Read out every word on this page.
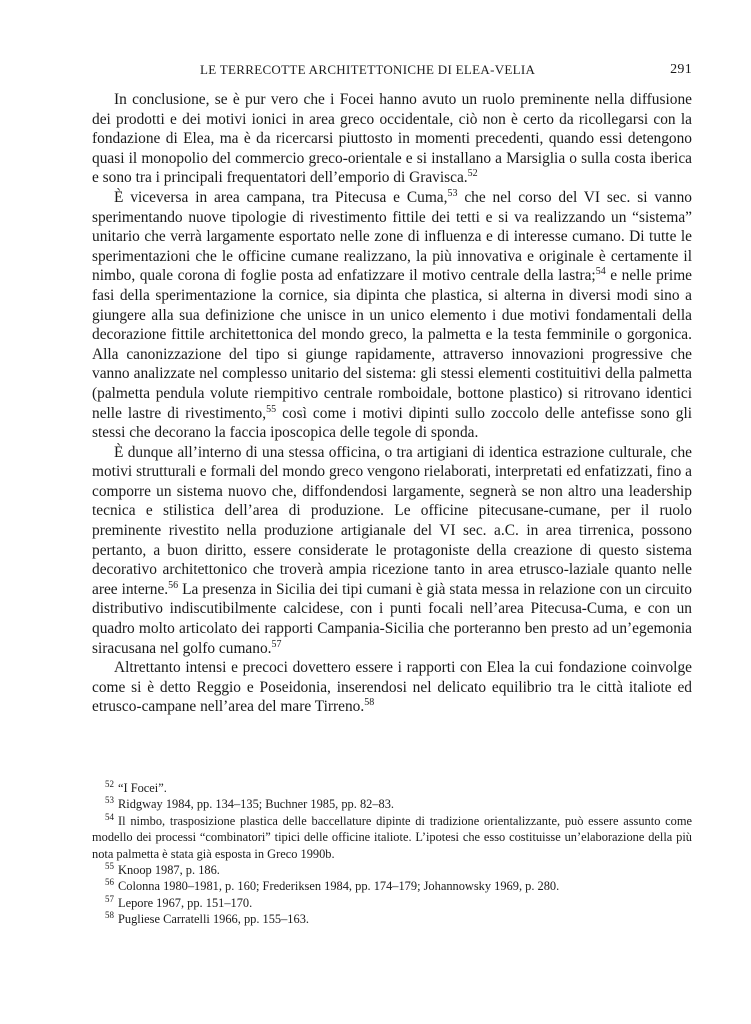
LE TERRECOTTE ARCHITETTONICHE DI ELEA-VELIA	291

In conclusione, se è pur vero che i Focei hanno avuto un ruolo preminente nella diffusione dei prodotti e dei motivi ionici in area greco occidentale, ciò non è certo da ricollegarsi con la fondazione di Elea, ma è da ricercarsi piuttosto in momenti precedenti, quando essi detengono quasi il monopolio del commercio greco-orientale e si installano a Marsiglia o sulla costa iberica e sono tra i principali frequentatori dell’emporio di Gravisca.$^{52}$

È viceversa in area campana, tra Pitecusa e Cuma,$^{53}$ che nel corso del VI sec. si vanno sperimentando nuove tipologie di rivestimento fittile dei tetti e si va realizzando un “sistema” unitario che verrà largamente esportato nelle zone di influenza e di interesse cumano. Di tutte le sperimentazioni che le officine cumane realizzano, la più innovativa e originale è certamente il nimbo, quale corona di foglie posta ad enfatizzare il motivo centrale della lastra;$^{54}$ e nelle prime fasi della sperimentazione la cornice, sia dipinta che plastica, si alterna in diversi modi sino a giungere alla sua definizione che unisce in un unico elemento i due motivi fondamentali della decorazione fittile architettonica del mondo greco, la palmetta e la testa femminile o gorgonica. Alla canonizzazione del tipo si giunge rapidamente, attraverso innovazioni progressive che vanno analizzate nel complesso unitario del sistema: gli stessi elementi costituitivi della palmetta (palmetta pendula volute riempitivo centrale romboidale, bottone plastico) si ritrovano identici nelle lastre di rivestimento,$^{55}$ così come i motivi dipinti sullo zoccolo delle antefisse sono gli stessi che decorano la faccia iposcopica delle tegole di sponda.

È dunque all’interno di una stessa officina, o tra artigiani di identica estrazione culturale, che motivi strutturali e formali del mondo greco vengono rielaborati, interpretati ed enfatizzati, fino a comporre un sistema nuovo che, diffondendosi largamente, segnerà se non altro una leadership tecnica e stilistica dell’area di produzione. Le officine pitecusane-cumane, per il ruolo preminente rivestito nella produzione artigianale del VI sec. a.C. in area tirrenica, possono pertanto, a buon diritto, essere considerate le protagoniste della creazione di questo sistema decorativo architettonico che troverà ampia ricezione tanto in area etrusco-laziale quanto nelle aree interne.$^{56}$ La presenza in Sicilia dei tipi cumani è già stata messa in relazione con un circuito distributivo indiscutibilmente calcidese, con i punti focali nell’area Pitecusa-Cuma, e con un quadro molto articolato dei rapporti Campania-Sicilia che porteranno ben presto ad un’egemonia siracusana nel golfo cumano.$^{57}$

Altrettanto intensi e precoci dovettero essere i rapporti con Elea la cui fondazione coinvolge come si è detto Reggio e Poseidonia, inserendosi nel delicato equilibrio tra le città italiote ed etrusco-campane nell’area del mare Tirreno.$^{58}$

$^{52}$ “I Focei”.

$^{53}$ Ridgway 1984, pp. 134–135; Buchner 1985, pp. 82–83.

$^{54}$ Il nimbo, trasposizione plastica delle baccellature dipinte di tradizione orientalizzante, può essere assunto come modello dei processi “combinatori” tipici delle officine italiote. L’ipotesi che esso costituisse un’elaborazione della più nota palmetta è stata già esposta in Greco 1990b.

$^{55}$ Knoop 1987, p. 186.

$^{56}$ Colonna 1980–1981, p. 160; Frederiksen 1984, pp. 174–179; Johannowsky 1969, p. 280.

$^{57}$ Lepore 1967, pp. 151–170.

$^{58}$ Pugliese Carratelli 1966, pp. 155–163.
